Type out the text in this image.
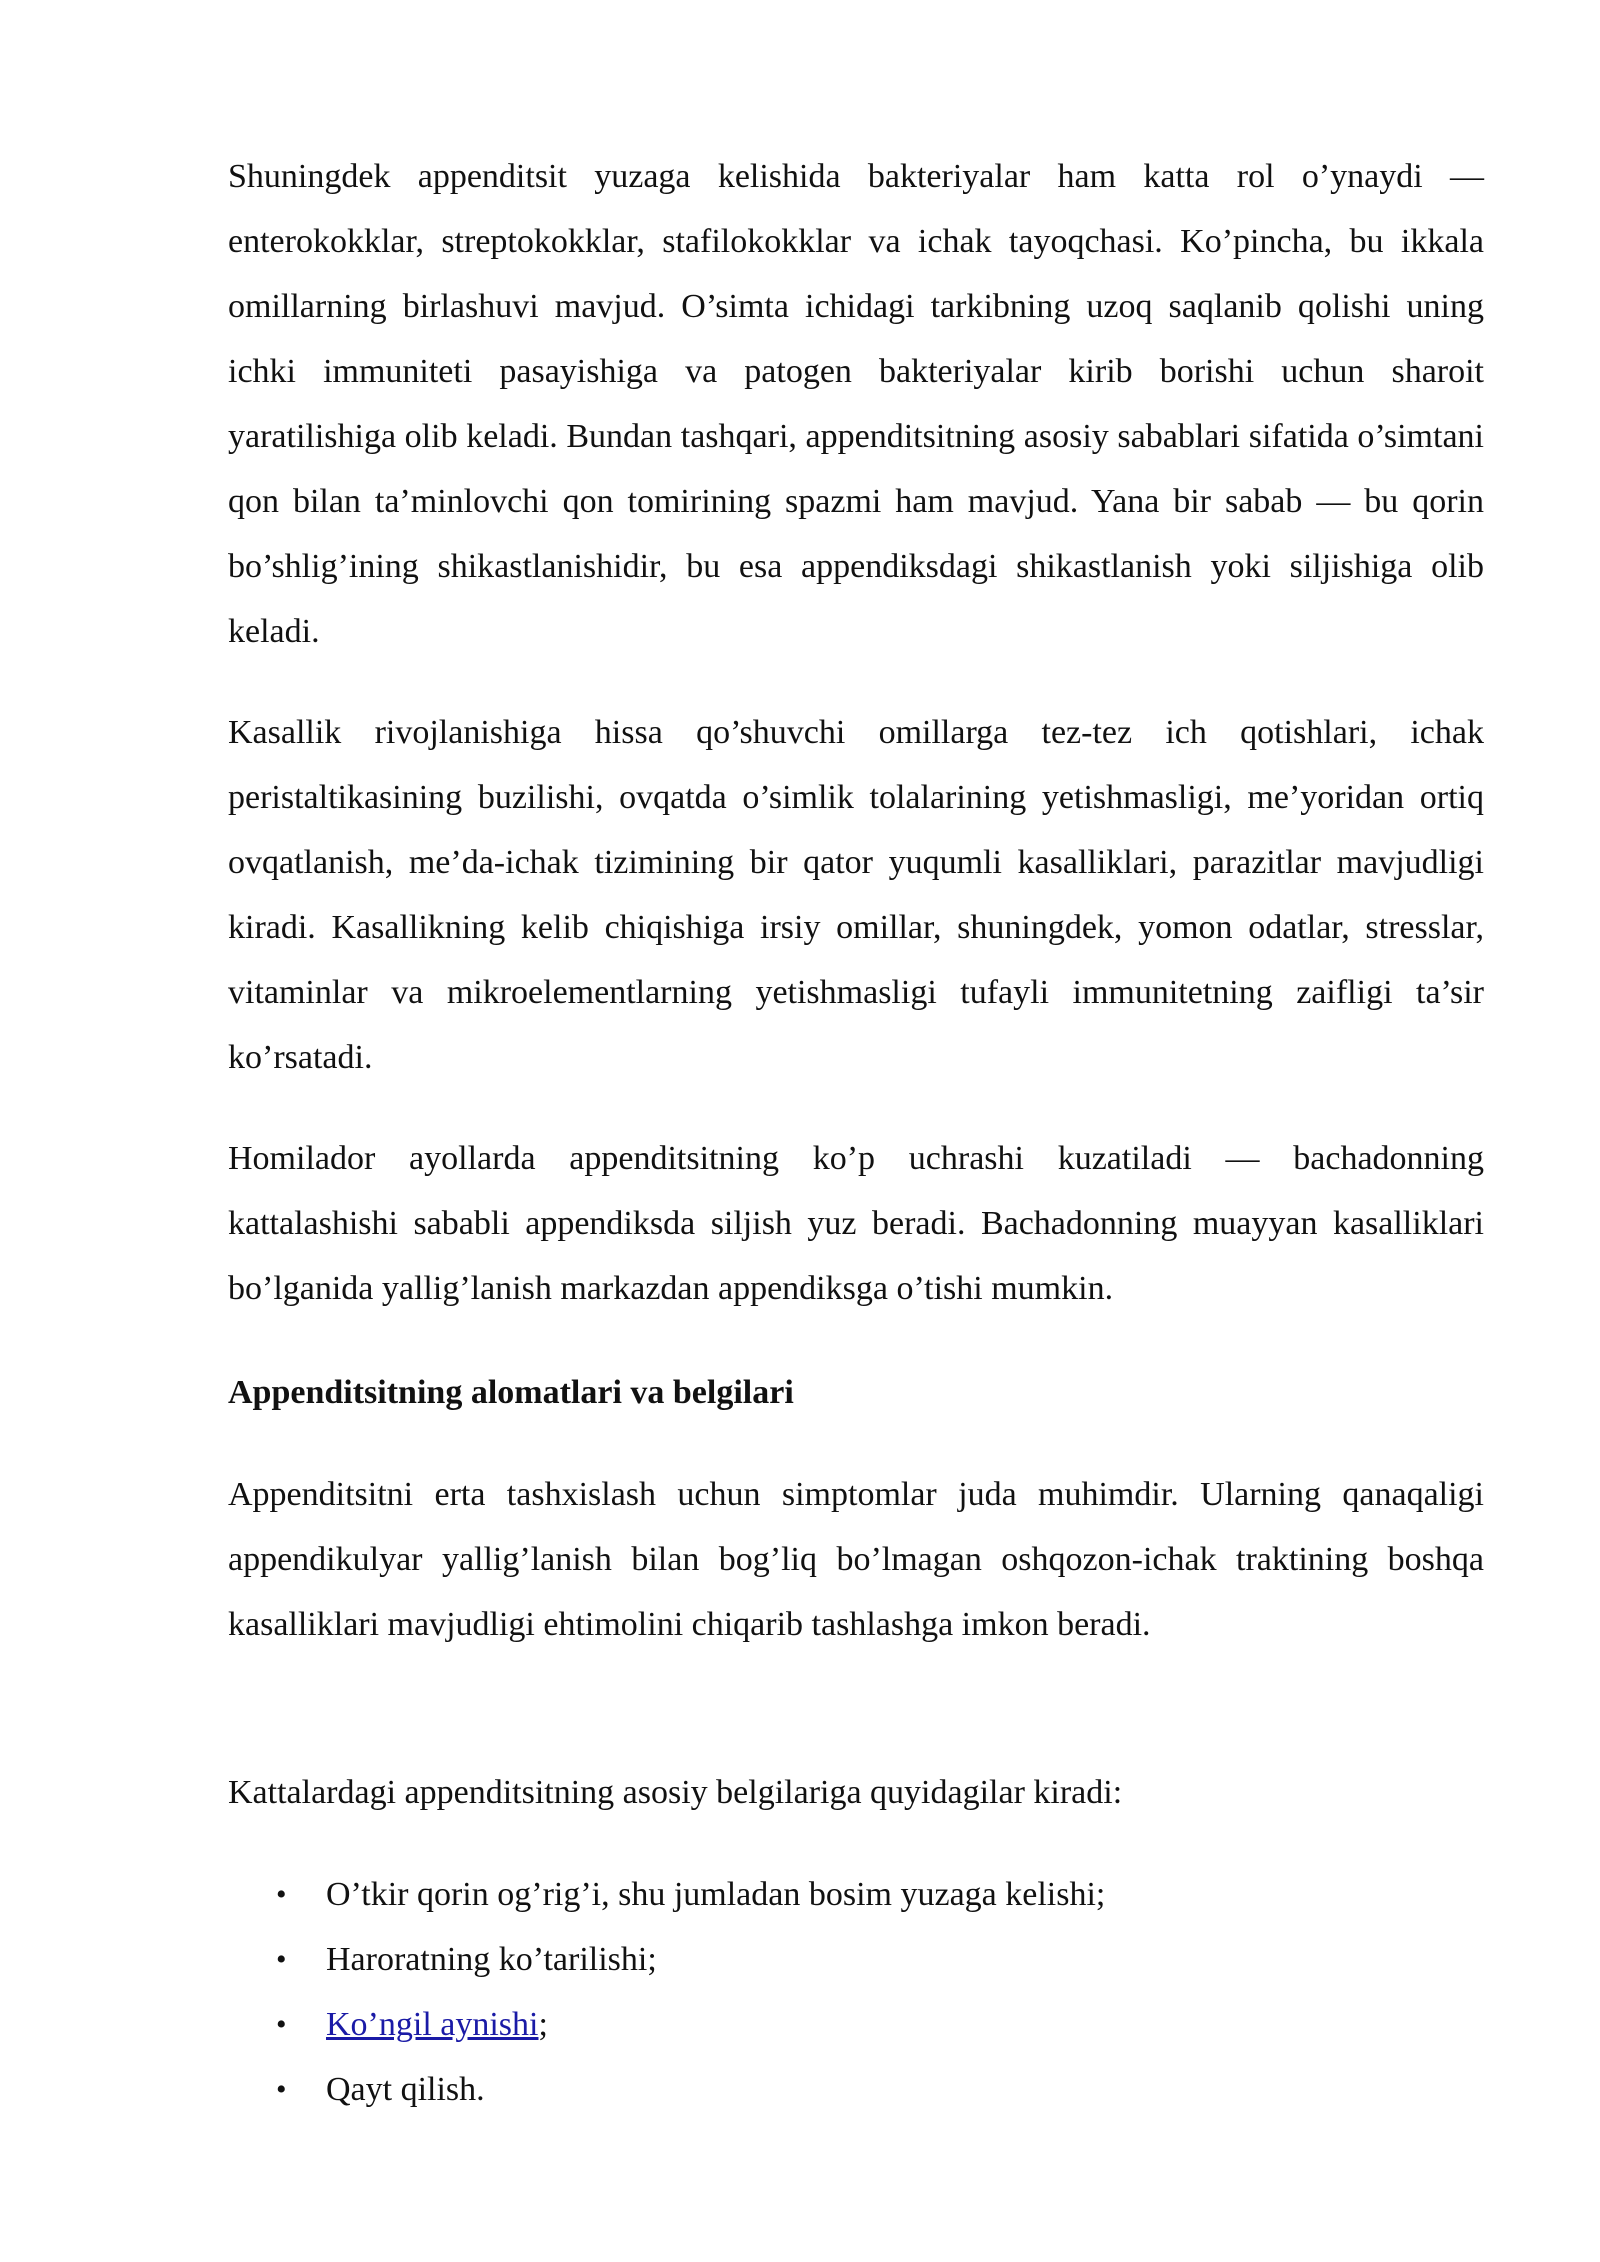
Shuningdek appenditsit yuzaga kelishida bakteriyalar ham katta rol o’ynaydi — enterokokklar, streptokokklar, stafilokokklar va ichak tayoqchasi. Ko’pincha, bu ikkala omillarning birlashuvi mavjud. O’simta ichidagi tarkibning uzoq saqlanib qolishi uning ichki immuniteti pasayishiga va patogen bakteriyalar kirib borishi uchun sharoit yaratilishiga olib keladi. Bundan tashqari, appenditsitning asosiy sabablari sifatida o’simtani qon bilan ta’minlovchi qon tomirining spazmi ham mavjud. Yana bir sabab — bu qorin bo’shlig’ining shikastlanishidir, bu esa appendiksdagi shikastlanish yoki siljishiga olib keladi.

Kasallik rivojlanishiga hissa qo’shuvchi omillarga tez-tez ich qotishlari, ichak peristaltikasining buzilishi, ovqatda o’simlik tolalarining yetishmasligi, me’yoridan ortiq ovqatlanish, me’da-ichak tizimining bir qator yuqumli kasalliklari, parazitlar mavjudligi kiradi. Kasallikning kelib chiqishiga irsiy omillar, shuningdek, yomon odatlar, stresslar, vitaminlar va mikroelementlarning yetishmasligi tufayli immunitetning zaifligi ta’sir ko’rsatadi.

Homilador ayollarda appenditsitning ko’p uchrashi kuzatiladi — bachadonning kattalashishi sababli appendiksda siljish yuz beradi. Bachadonning muayyan kasalliklari bo’lganida yallig’lanish markazdan appendiksga o’tishi mumkin.

Appenditsitning alomatlari va belgilari

Appenditsitni erta tashxislash uchun simptomlar juda muhimdir. Ularning qanaqaligi appendikulyar yallig’lanish bilan bog’liq bo’lmagan oshqozon-ichak traktining boshqa kasalliklari mavjudligi ehtimolini chiqarib tashlashga imkon beradi.

Kattalardagi appenditsitning asosiy belgilariga quyidagilar kiradi:

• O’tkir qorin og’rig’i, shu jumladan bosim yuzaga kelishi;
• Haroratning ko’tarilishi;
• Ko’ngil aynishi;
• Qayt qilish.
